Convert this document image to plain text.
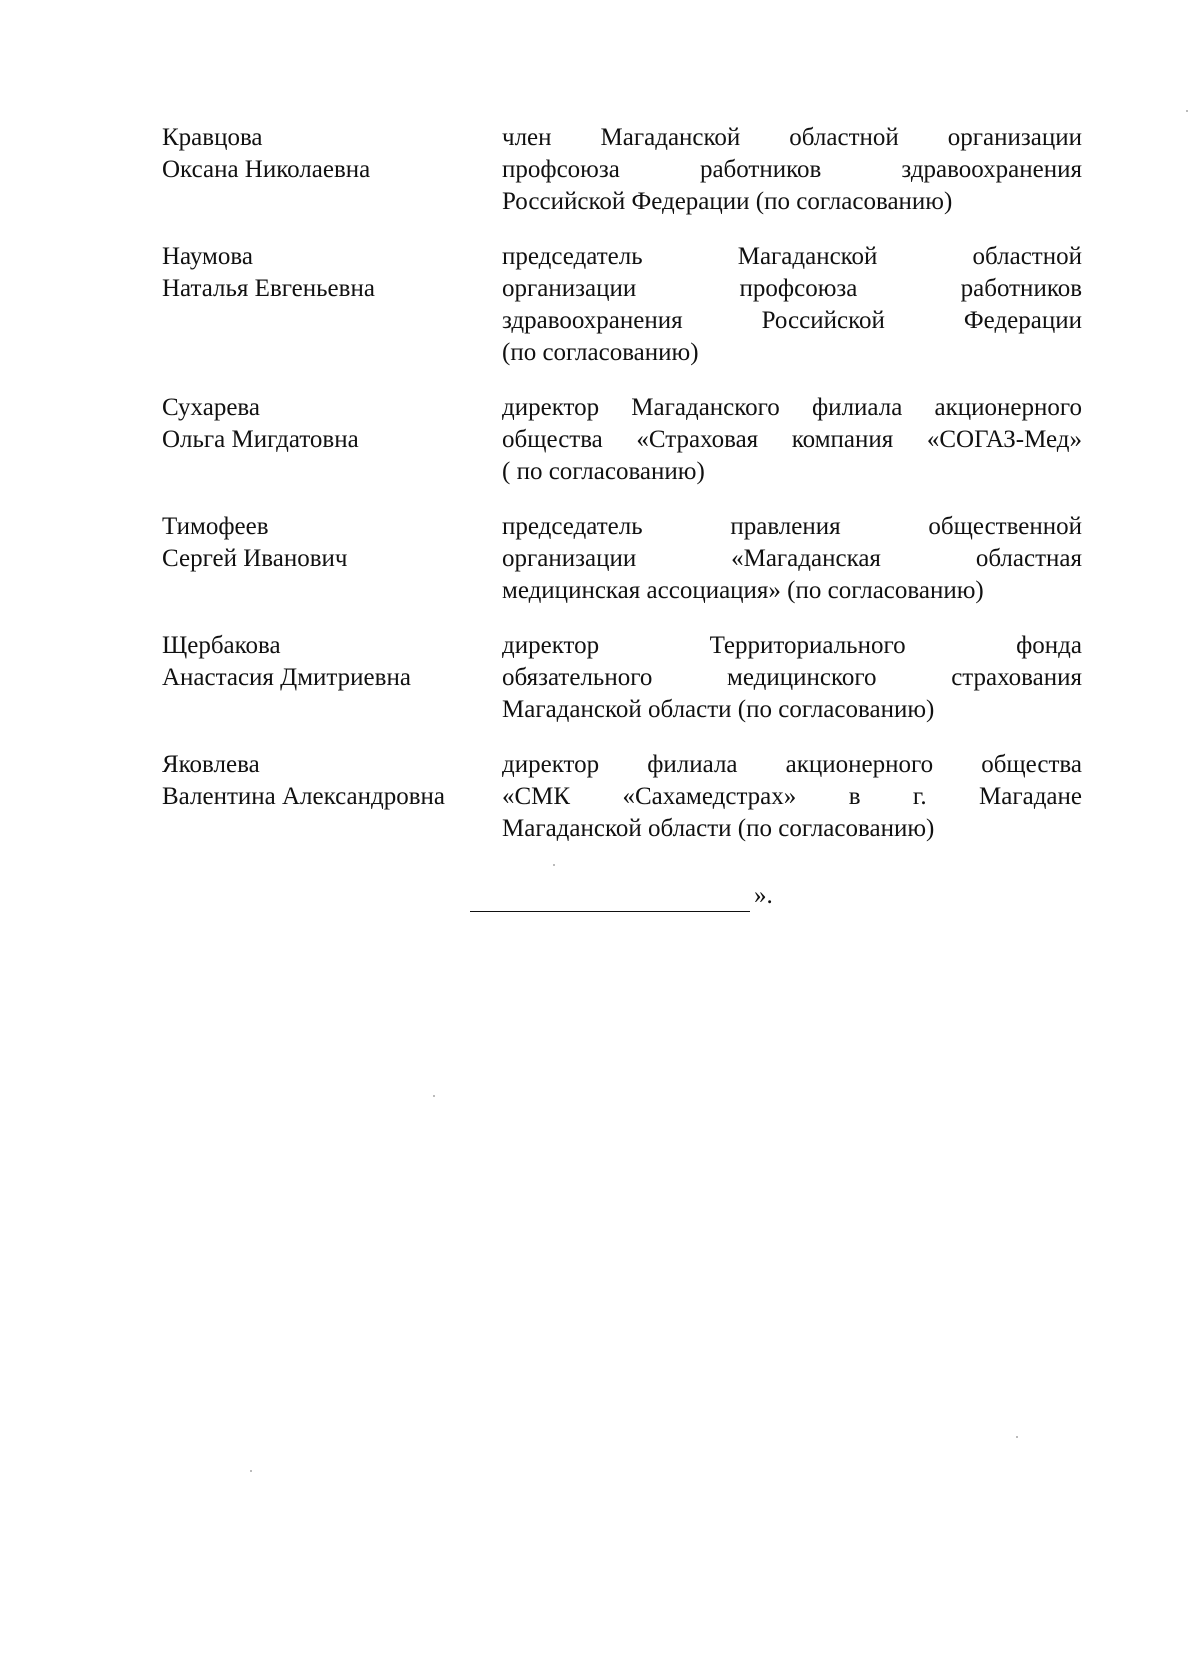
Кравцова
Оксана Николаевна
член Магаданской областной организации
профсоюза работников здравоохранения
Российской Федерации (по согласованию)
Наумова
Наталья Евгеньевна
председатель Магаданской областной
организации профсоюза работников
здравоохранения Российской Федерации
(по согласованию)
Сухарева
Ольга Мигдатовна
директор Магаданского филиала акционерного
общества «Страховая компания «СОГАЗ-Мед»
( по согласованию)
Тимофеев
Сергей Иванович
председатель правления общественной
организации «Магаданская областная
медицинская ассоциация» (по согласованию)
Щербакова
Анастасия Дмитриевна
директор Территориального фонда
обязательного медицинского страхования
Магаданской области (по согласованию)
Яковлева
Валентина Александровна
директор филиала акционерного общества
«СМК «Сахамедстрах» в г. Магадане
Магаданской области (по согласованию)
».
